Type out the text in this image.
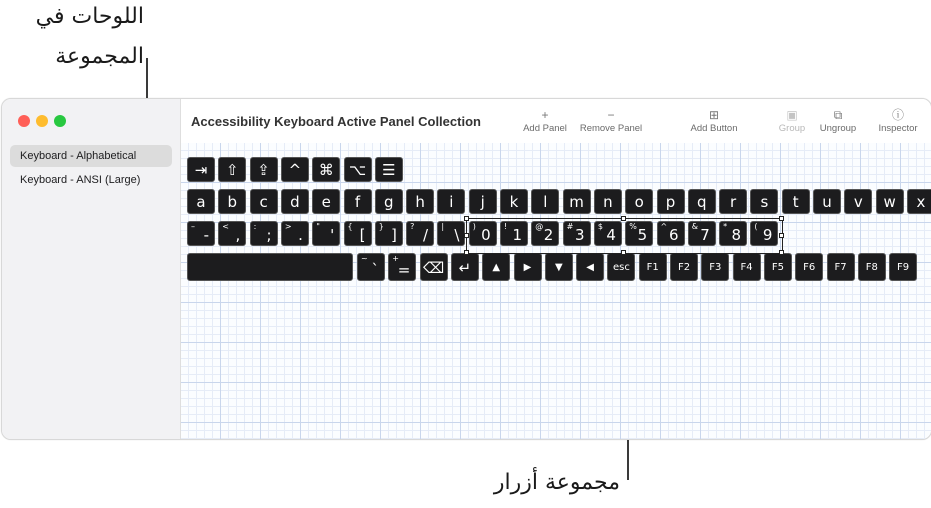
اللوحات في
المجموعة
مجموعة أزرار
Keyboard - Alphabetical
Keyboard - ANSI (Large)
Accessibility Keyboard Active Panel Collection	+
Add Panel
−
Remove Panel
⊞
Add Button
▣
Group
⧉
Ungroup
ⓘ
Inspector
⇥	⇧	⇪	^	⌘	⌥	☰
a	b	c	d	e	f	g	h	i	j	k	l	m	n	o	p	q	r	s	t	u	v	w	x
– - < , : ; > . " ' { [ } ] ? / | \ ) 0 ! 1 @ 2 # 3 $ 4 % 5 ^ 6 & 7 * 8 ( 9
~
`
+
= ⌫ ↵	▲	▶	▼	◀	esc	F1	F2	F3	F4	F5	F6	F7	F8	F9
